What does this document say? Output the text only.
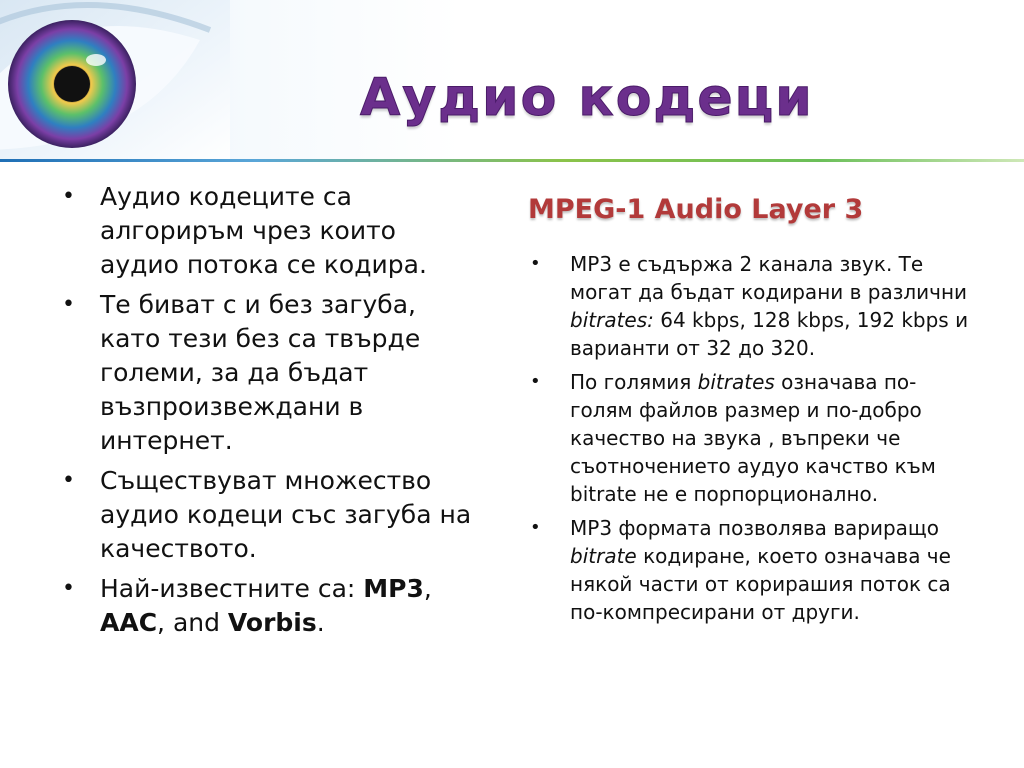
Аудио кодеци
• Аудио кодеците са алгориръм чрез които аудио потока се кодира.
• Те биват с и без загуба, като тези без са твърде големи, за да бъдат възпроизвеждани в интернет.
• Съществуват множество аудио кодеци със загуба на качеството.
• Най-известните са: MP3, AAC, and Vorbis.
MPEG-1 Audio Layer 3
• MP3 е съдържа 2 канала звук. Те могат да бъдат кодирани в различни bitrates: 64 kbps, 128 kbps, 192 kbps и варианти от 32 до 320.
• По голямия bitrates означава по-голям файлов размер и по-добро качество на звука , въпреки че съотночението аудуо качство към bitrate не е порпорционално.
• MP3 формата позволява вариращо bitrate кодиране, което означава че някой части от корирашия поток са по-компресирани от други.
